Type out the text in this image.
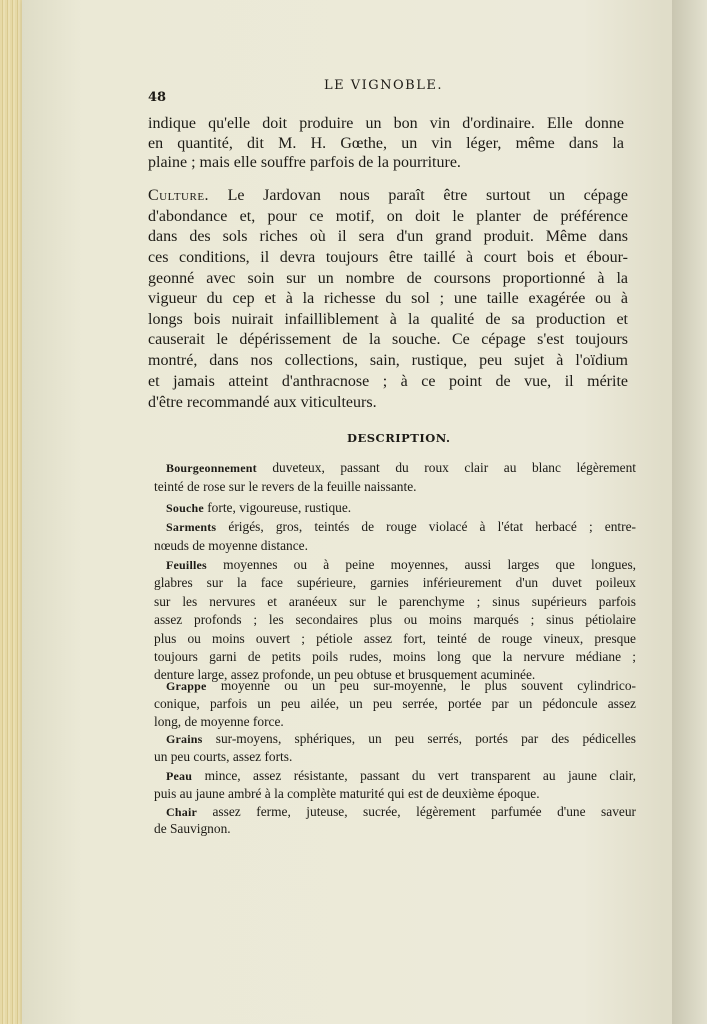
LE VIGNOBLE.
48
indique qu'elle doit produire un bon vin d'ordinaire. Elle donne
en quantité, dit M. H. Gœthe, un vin léger, même dans la
plaine ; mais elle souffre parfois de la pourriture.
Culture. Le Jardovan nous paraît être surtout un cépage
d'abondance et, pour ce motif, on doit le planter de préférence
dans des sols riches où il sera d'un grand produit. Même dans
ces conditions, il devra toujours être taillé à court bois et ébour-
geonné avec soin sur un nombre de coursons proportionné à la
vigueur du cep et à la richesse du sol ; une taille exagérée ou à
longs bois nuirait infailliblement à la qualité de sa production et
causerait le dépérissement de la souche. Ce cépage s'est toujours
montré, dans nos collections, sain, rustique, peu sujet à l'oïdium
et jamais atteint d'anthracnose ; à ce point de vue, il mérite
d'être recommandé aux viticulteurs.
Bourgeonnement duveteux, passant du roux clair au blanc légèrement
teinté de rose sur le revers de la feuille naissante.
Souche forte, vigoureuse, rustique.
Sarments érigés, gros, teintés de rouge violacé à l'état herbacé ; entre-
nœuds de moyenne distance.
Feuilles moyennes ou à peine moyennes, aussi larges que longues,
glabres sur la face supérieure, garnies inférieurement d'un duvet poileux
sur les nervures et aranéeux sur le parenchyme ; sinus supérieurs parfois
assez profonds ; les secondaires plus ou moins marqués ; sinus pétiolaire
plus ou moins ouvert ; pétiole assez fort, teinté de rouge vineux, presque
toujours garni de petits poils rudes, moins long que la nervure médiane ;
denture large, assez profonde, un peu obtuse et brusquement acuminée.
Grappe moyenne ou un peu sur-moyenne, le plus souvent cylindrico-
conique, parfois un peu ailée, un peu serrée, portée par un pédoncule assez
long, de moyenne force.
Grains sur-moyens, sphériques, un peu serrés, portés par des pédicelles
un peu courts, assez forts.
Peau mince, assez résistante, passant du vert transparent au jaune clair,
puis au jaune ambré à la complète maturité qui est de deuxième époque.
Chair assez ferme, juteuse, sucrée, légèrement parfumée d'une saveur
de Sauvignon.
DESCRIPTION.
